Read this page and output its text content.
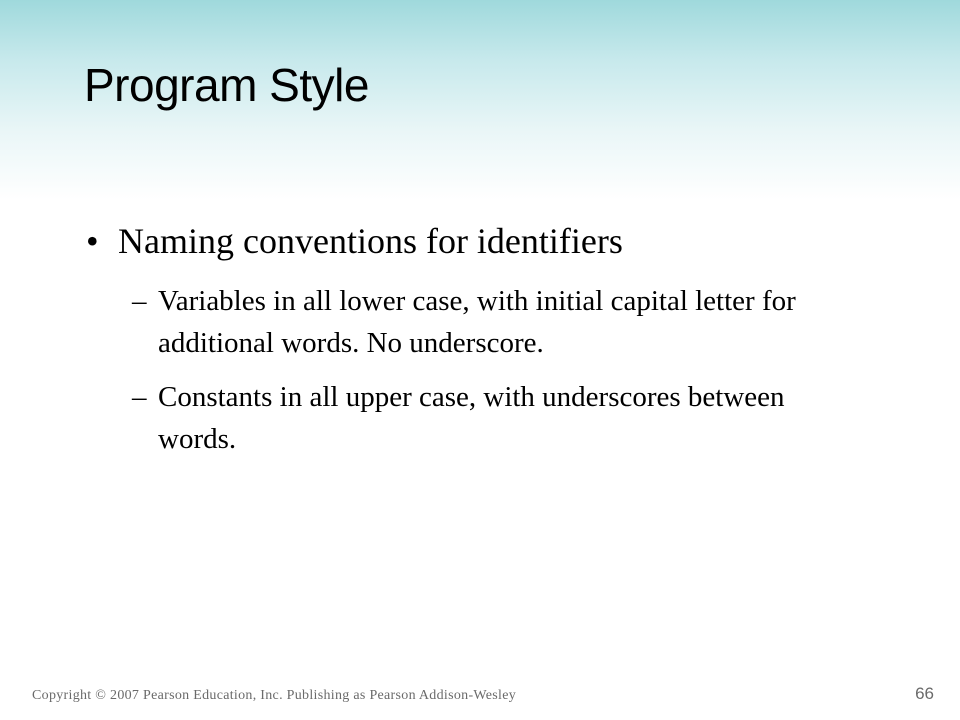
Program Style
• Naming conventions for identifiers
– Variables in all lower case, with initial capital letter for additional words. No underscore.
– Constants in all upper case, with underscores between words.
Copyright © 2007 Pearson Education, Inc. Publishing as Pearson Addison-Wesley	66
